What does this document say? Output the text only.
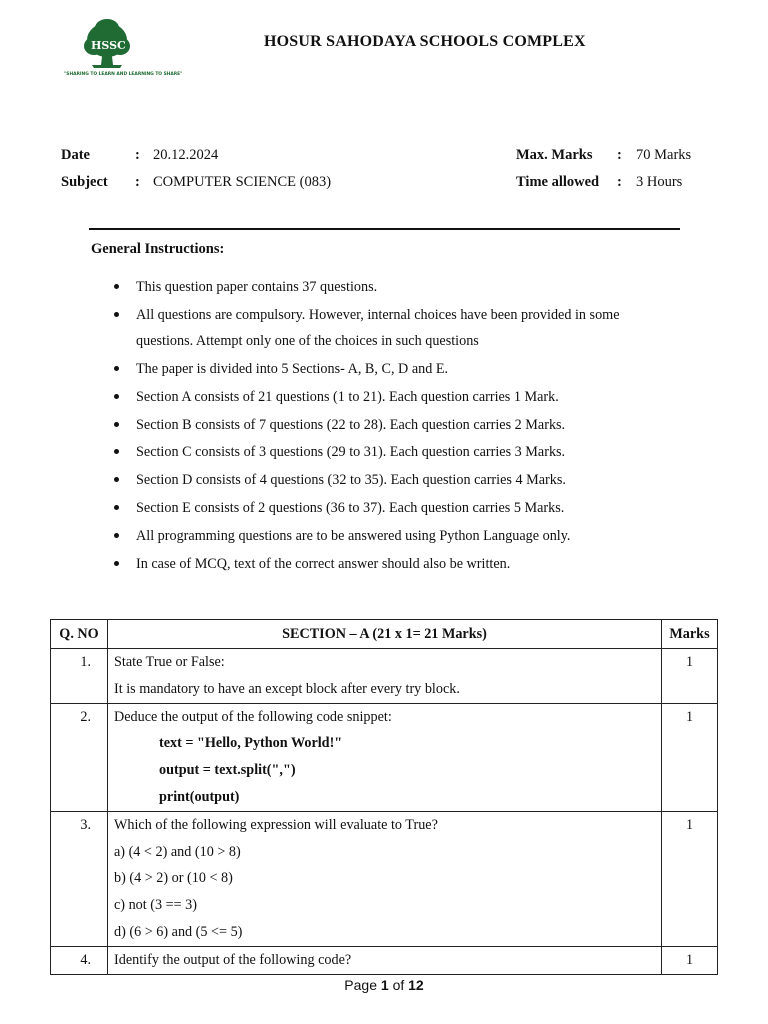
HSSC
"SHARING TO LEARN AND LEARNING TO SHARE"
HOSUR SAHODAYA SCHOOLS COMPLEX
Date	: 20.12.2024
Subject : COMPUTER SCIENCE (083)
Max. Marks : 70 Marks
Time allowed : 3 Hours
General Instructions:
This question paper contains 37 questions.
All questions are compulsory. However, internal choices have been provided in some questions. Attempt only one of the choices in such questions
The paper is divided into 5 Sections- A, B, C, D and E.
Section A consists of 21 questions (1 to 21). Each question carries 1 Mark.
Section B consists of 7 questions (22 to 28). Each question carries 2 Marks.
Section C consists of 3 questions (29 to 31). Each question carries 3 Marks.
Section D consists of 4 questions (32 to 35). Each question carries 4 Marks.
Section E consists of 2 questions (36 to 37). Each question carries 5 Marks.
All programming questions are to be answered using Python Language only.
In case of MCQ, text of the correct answer should also be written.
Q. NO	SECTION – A (21 x 1= 21 Marks)	Marks
1.	State True or False:
It is mandatory to have an except block after every try block.	1
2.	Deduce the output of the following code snippet:
text = "Hello, Python World!"
output = text.split(",")
print(output)	1
3.	Which of the following expression will evaluate to True?
a) (4 < 2) and (10 > 8)
b) (4 > 2) or (10 < 8)
c) not (3 == 3)
d) (6 > 6) and (5 <= 5)	1
4.	Identify the output of the following code?	1
Page 1 of 12
